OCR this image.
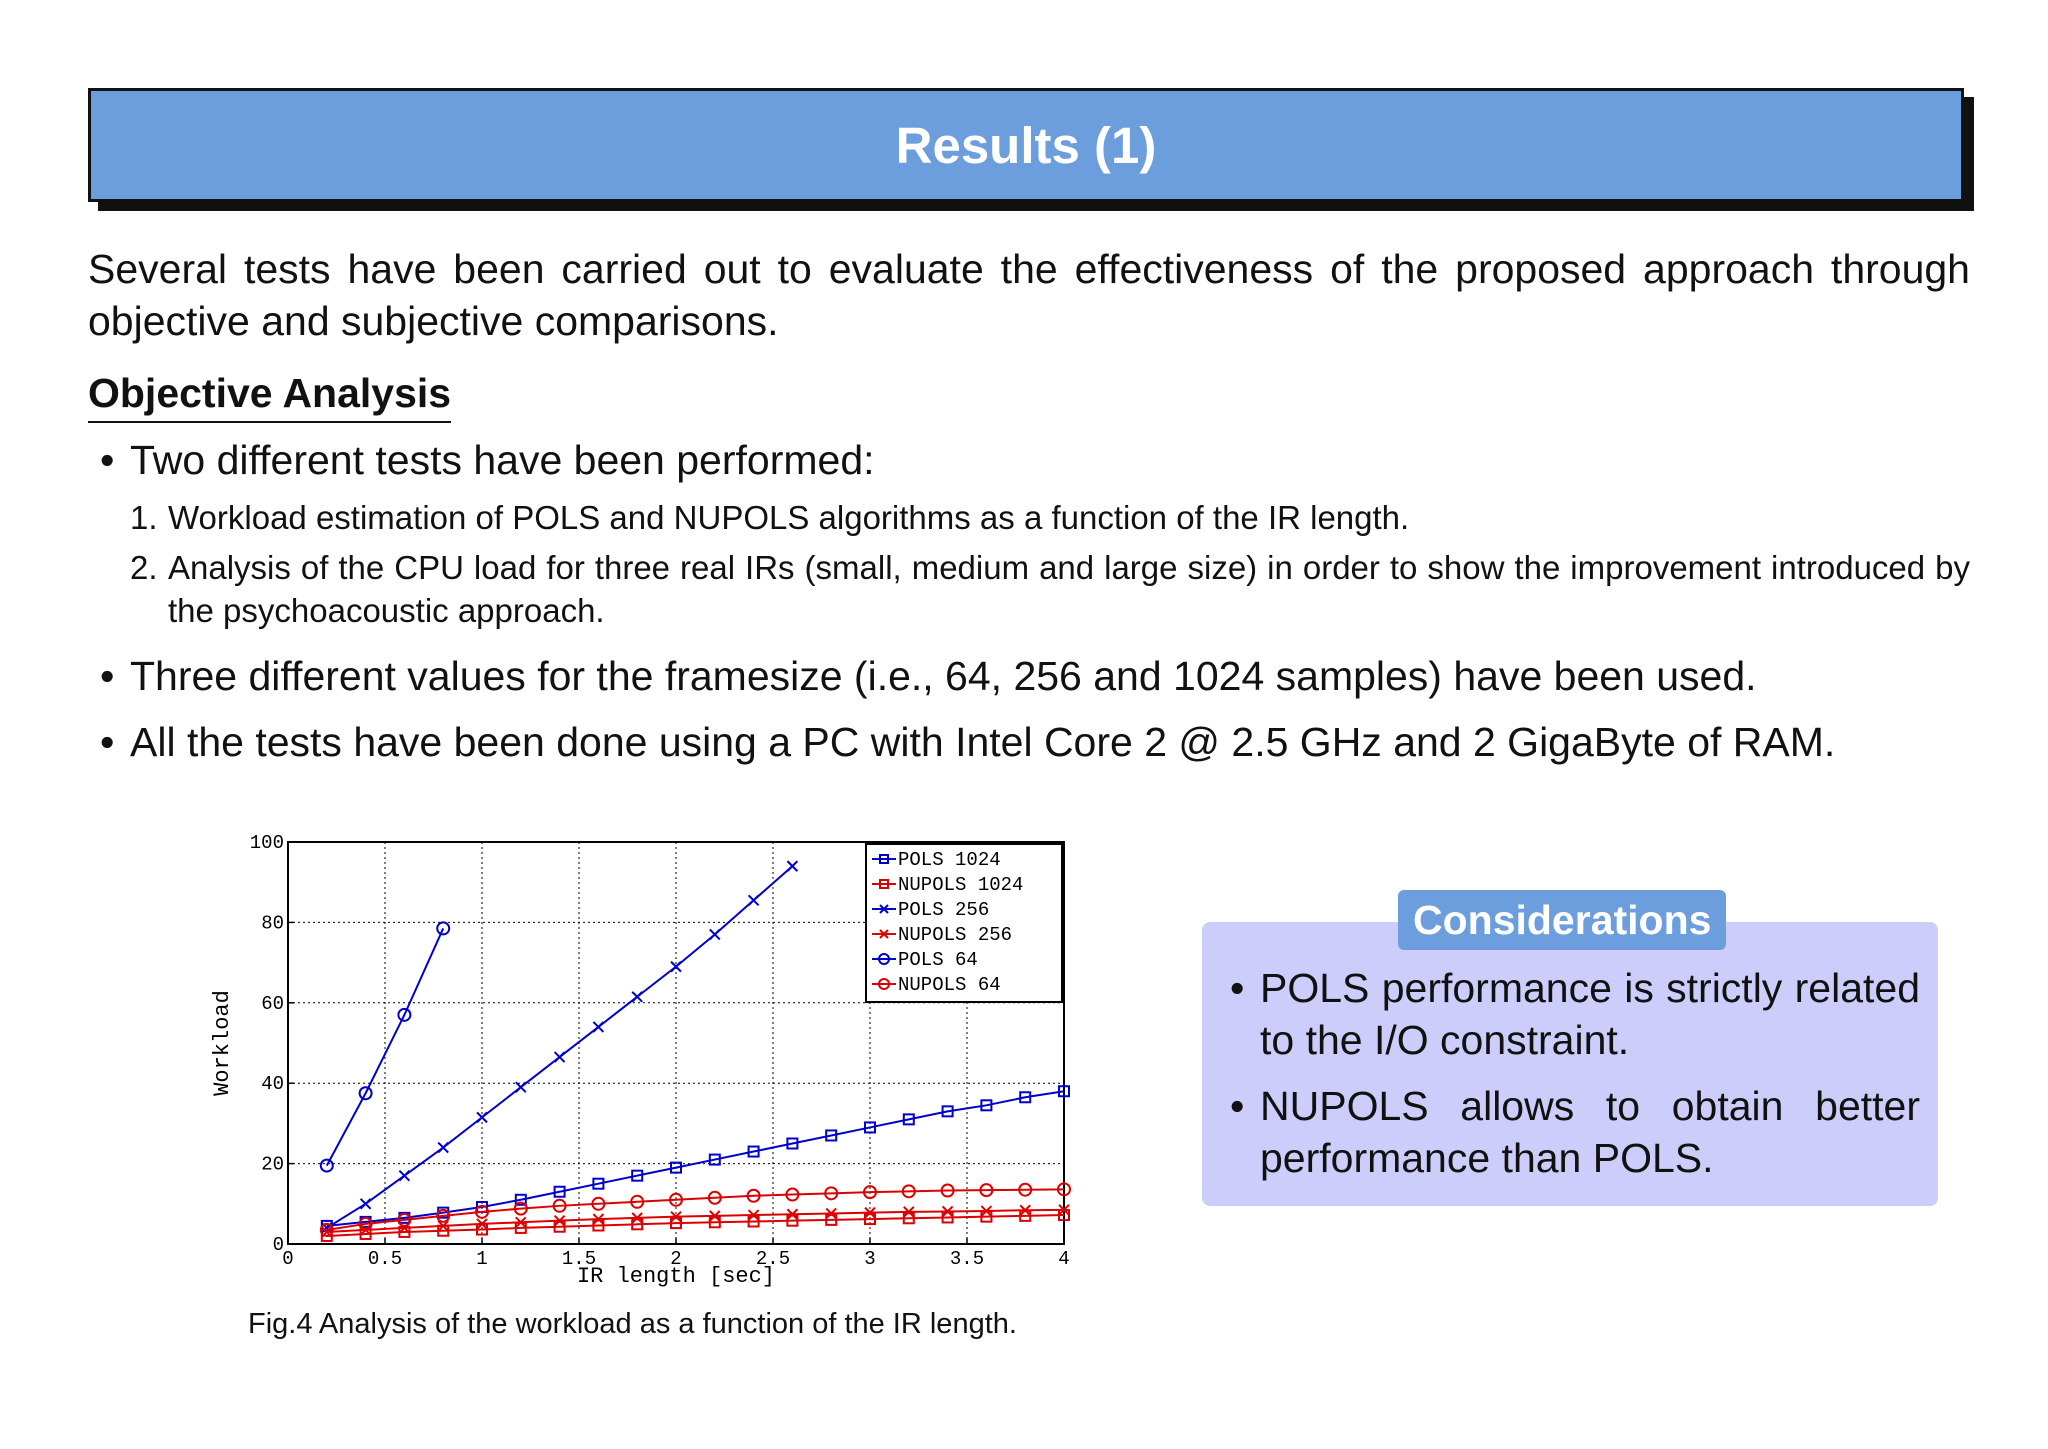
Results (1)

Several tests have been carried out to evaluate the effectiveness of the proposed approach through objective and subjective comparisons.

Objective Analysis

• Two different tests have been performed:

1. Workload estimation of POLS and NUPOLS algorithms as a function of the IR length.
2. Analysis of the CPU load for three real IRs (small, medium and large size) in order to show the improvement introduced by the psychoacoustic approach.

• Three different values for the framesize (i.e., 64, 256 and 1024 samples) have been used.

• All the tests have been done using a PC with Intel Core 2 @ 2.5 GHz and 2 GigaByte of RAM.

0	0.5	1	1.5	2	2.5	3	3.5	4
0
20
40
60
80
100
IR length [sec]
Workload
POLS 1024
NUPOLS 1024
POLS 256
NUPOLS 256
POLS 64
NUPOLS 64

Fig.4 Analysis of the workload as a function of the IR length.

Considerations
• POLS performance is strictly related to the I/O constraint.
• NUPOLS allows to obtain better performance than POLS.
